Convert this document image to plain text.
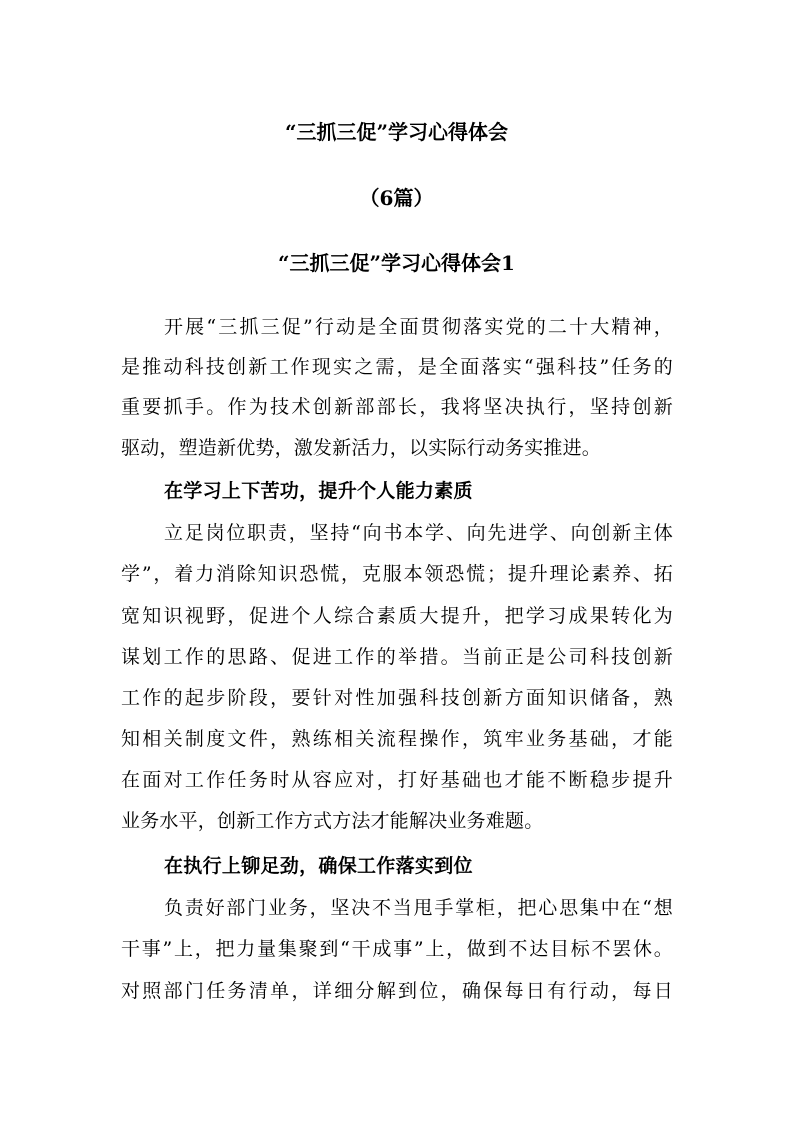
“三抓三促”学习心得体会
（6篇）
“三抓三促”学习心得体会1
开展“三抓三促”行动是全面贯彻落实党的二十大精神，
是推动科技创新工作现实之需，是全面落实“强科技”任务的
重要抓手。作为技术创新部部长，我将坚决执行，坚持创新
驱动，塑造新优势，激发新活力，以实际行动务实推进。
在学习上下苦功，提升个人能力素质
立足岗位职责，坚持“向书本学、向先进学、向创新主体
学”，着力消除知识恐慌，克服本领恐慌；提升理论素养、拓
宽知识视野，促进个人综合素质大提升，把学习成果转化为
谋划工作的思路、促进工作的举措。当前正是公司科技创新
工作的起步阶段，要针对性加强科技创新方面知识储备，熟
知相关制度文件，熟练相关流程操作，筑牢业务基础，才能
在面对工作任务时从容应对，打好基础也才能不断稳步提升
业务水平，创新工作方式方法才能解决业务难题。
在执行上铆足劲，确保工作落实到位
负责好部门业务，坚决不当甩手掌柜，把心思集中在“想
干事”上，把力量集聚到“干成事”上，做到不达目标不罢休。
对照部门任务清单，详细分解到位，确保每日有行动，每日
